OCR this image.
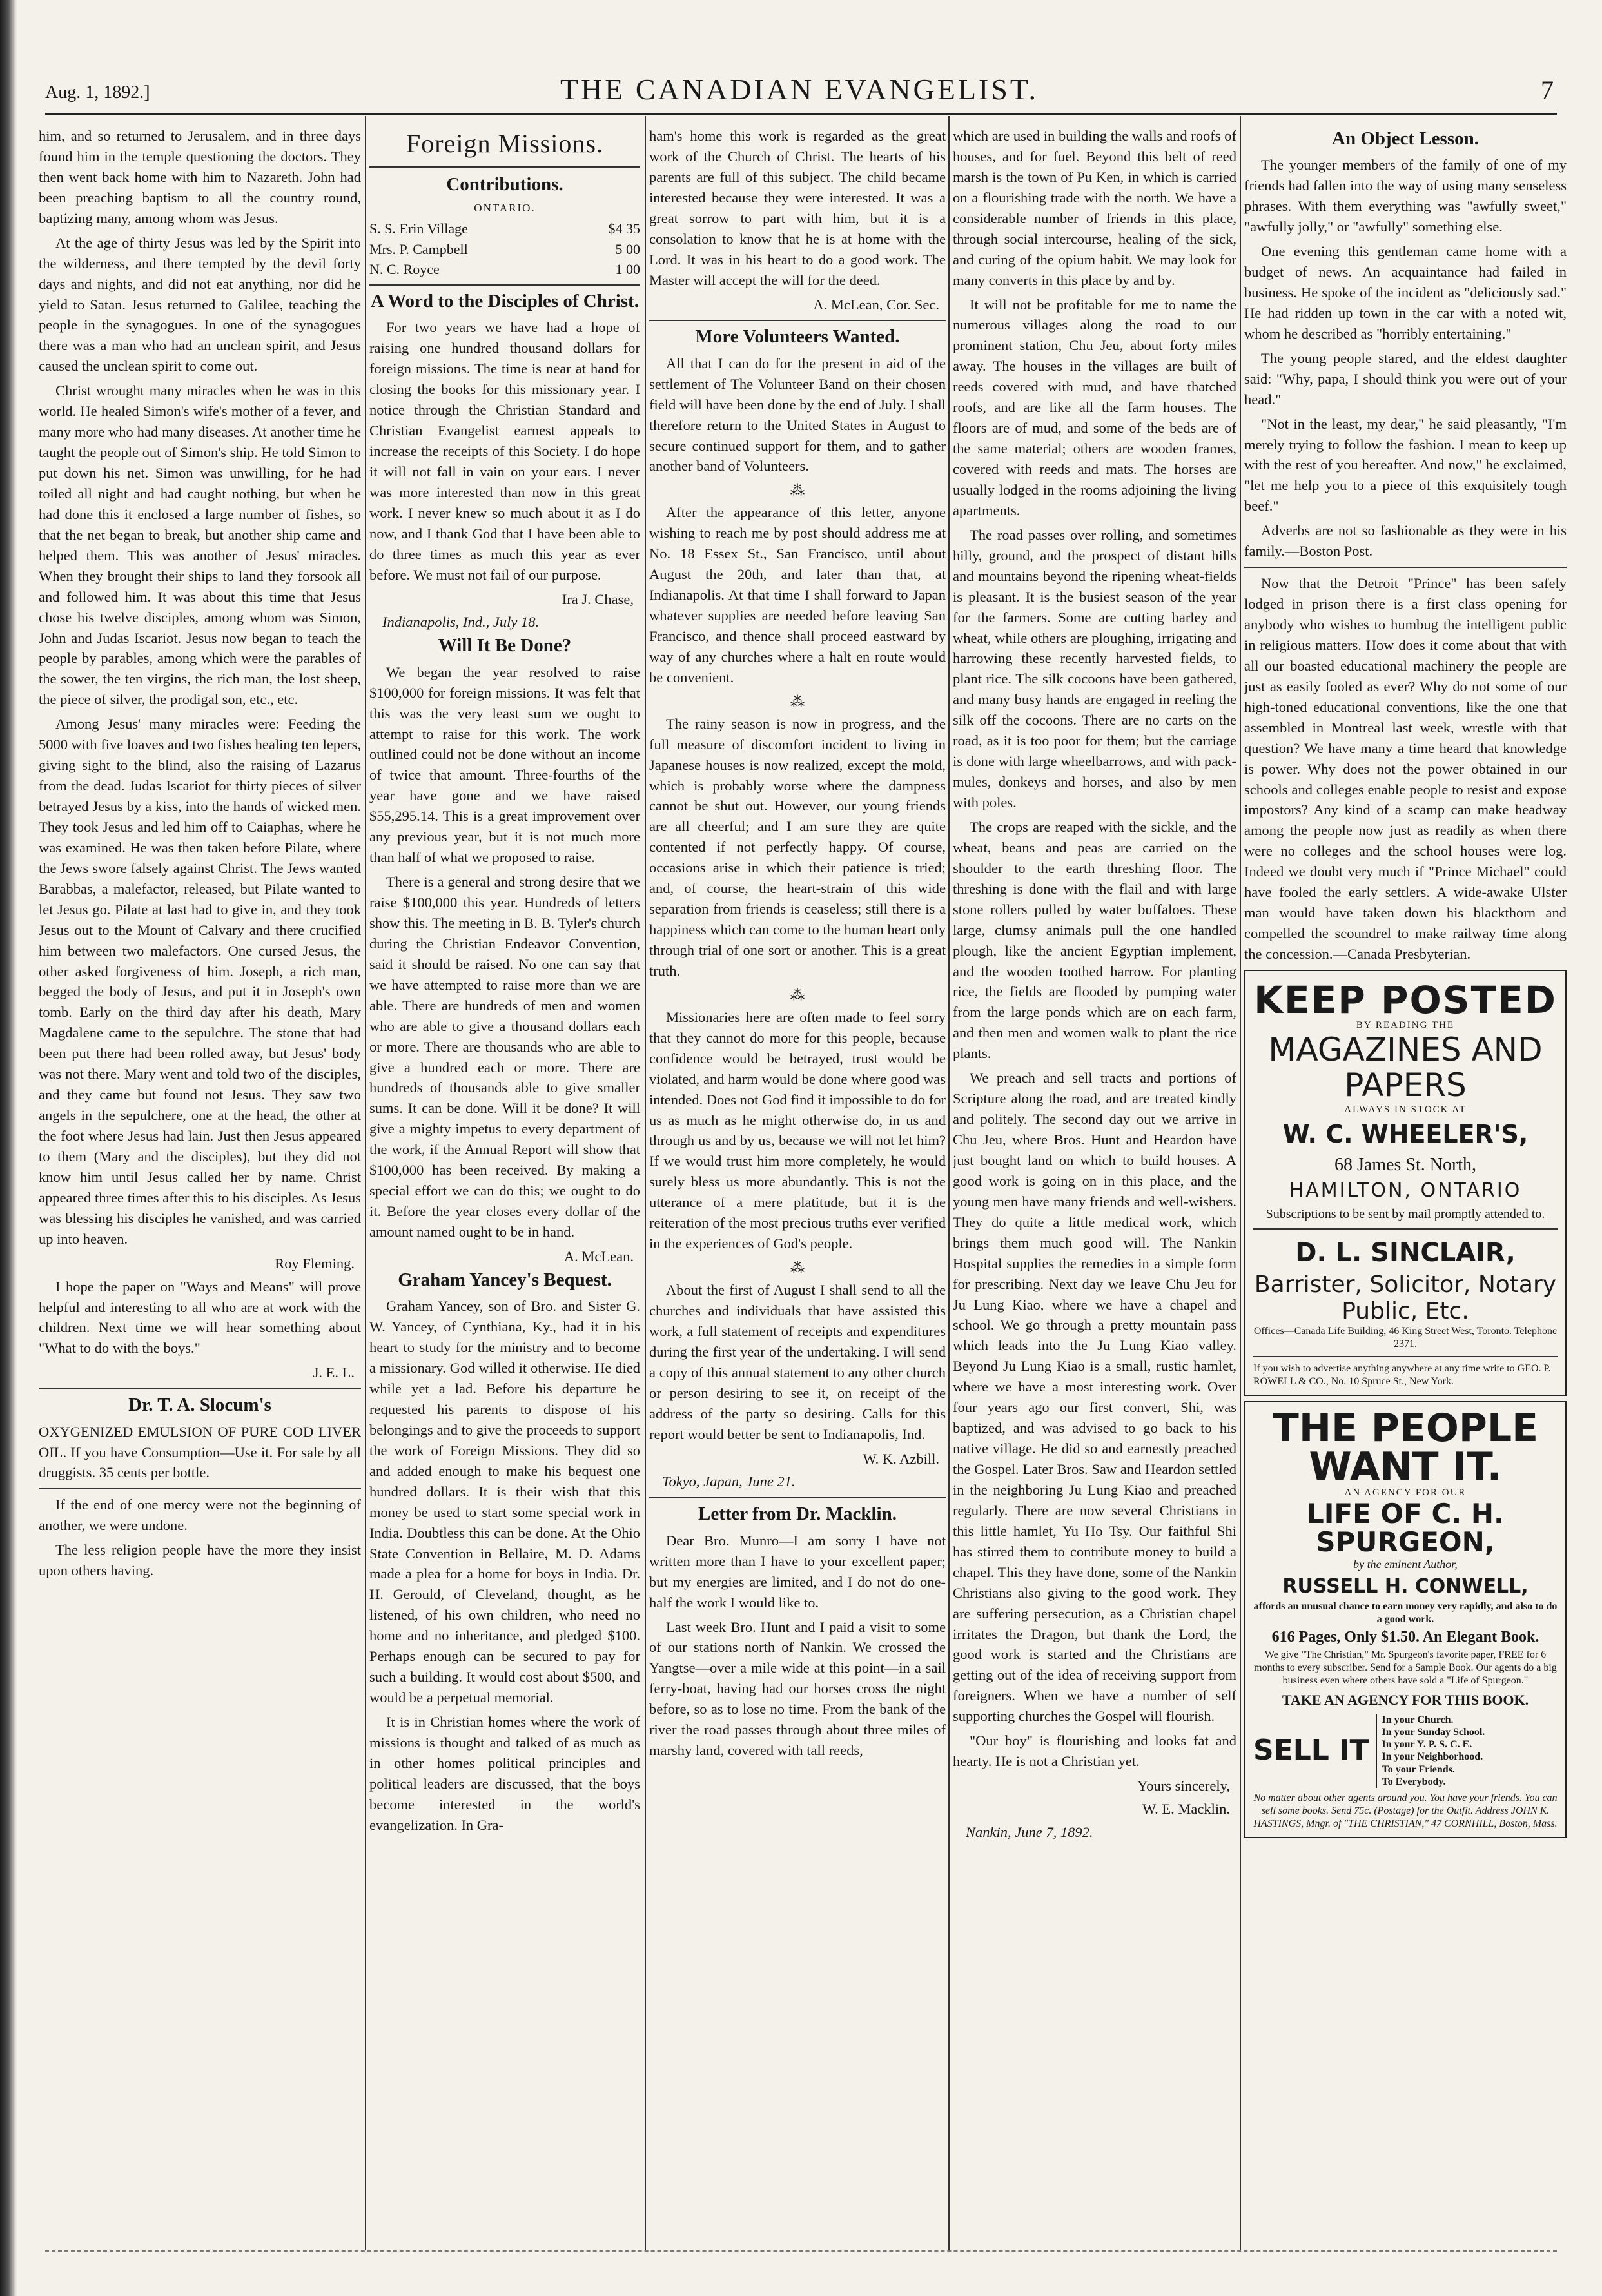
Aug. 1, 1892.]	THE CANADIAN EVANGELIST.	7

him, and so returned to Jerusalem, and in three days found him in the temple questioning the doctors. They then went back home with him to Nazareth. John had been preaching baptism to all the country round, baptizing many, among whom was Jesus.

At the age of thirty Jesus was led by the Spirit into the wilderness, and there tempted by the devil forty days and nights, and did not eat anything, nor did he yield to Satan. Jesus returned to Galilee, teaching the people in the synagogues. In one of the synagogues there was a man who had an unclean spirit, and Jesus caused the unclean spirit to come out.

Christ wrought many miracles when he was in this world. He healed Simon's wife's mother of a fever, and many more who had many diseases. At another time he taught the people out of Simon's ship. He told Simon to put down his net. Simon was unwilling, for he had toiled all night and had caught nothing, but when he had done this it enclosed a large number of fishes, so that the net began to break, but another ship came and helped them. This was another of Jesus' miracles. When they brought their ships to land they forsook all and followed him. It was about this time that Jesus chose his twelve disciples, among whom was Simon, John and Judas Iscariot. Jesus now began to teach the people by parables, among which were the parables of the sower, the ten virgins, the rich man, the lost sheep, the piece of silver, the prodigal son, etc., etc.

Among Jesus' many miracles were: Feeding the 5000 with five loaves and two fishes healing ten lepers, giving sight to the blind, also the raising of Lazarus from the dead. Judas Iscariot for thirty pieces of silver betrayed Jesus by a kiss, into the hands of wicked men. They took Jesus and led him off to Caiaphas, where he was examined. He was then taken before Pilate, where the Jews swore falsely against Christ. The Jews wanted Barabbas, a malefactor, released, but Pilate wanted to let Jesus go. Pilate at last had to give in, and they took Jesus out to the Mount of Calvary and there crucified him between two malefactors. One cursed Jesus, the other asked forgiveness of him. Joseph, a rich man, begged the body of Jesus, and put it in Joseph's own tomb. Early on the third day after his death, Mary Magdalene came to the sepulchre. The stone that had been put there had been rolled away, but Jesus' body was not there. Mary went and told two of the disciples, and they came but found not Jesus. They saw two angels in the sepulchere, one at the head, the other at the foot where Jesus had lain. Just then Jesus appeared to them (Mary and the disciples), but they did not know him until Jesus called her by name. Christ appeared three times after this to his disciples. As Jesus was blessing his disciples he vanished, and was carried up into heaven.

Roy Fleming.

I hope the paper on "Ways and Means" will prove helpful and interesting to all who are at work with the children. Next time we will hear something about "What to do with the boys."

J. E. L.
Dr. T. A. Slocum's

OXYGENIZED EMULSION OF PURE COD LIVER OIL. If you have Consumption—Use it. For sale by all druggists. 35 cents per bottle.

If the end of one mercy were not the beginning of another, we were undone.

The less religion people have the more they insist upon others having.

Foreign Missions.
Contributions.
ONTARIO.
S. S. Erin Village	$4 35
Mrs. P. Campbell	5 00
N. C. Royce	1 00
A Word to the Disciples of Christ.

For two years we have had a hope of raising one hundred thousand dollars for foreign missions. The time is near at hand for closing the books for this missionary year. I notice through the Christian Standard and Christian Evangelist earnest appeals to increase the receipts of this Society. I do hope it will not fall in vain on your ears. I never was more interested than now in this great work. I never knew so much about it as I do now, and I thank God that I have been able to do three times as much this year as ever before. We must not fail of our purpose.

Ira J. Chase,
Indianapolis, Ind., July 18.
Will It Be Done?

We began the year resolved to raise $100,000 for foreign missions. It was felt that this was the very least sum we ought to attempt to raise for this work. The work outlined could not be done without an income of twice that amount. Three-fourths of the year have gone and we have raised $55,295.14. This is a great improvement over any previous year, but it is not much more than half of what we proposed to raise.

There is a general and strong desire that we raise $100,000 this year. Hundreds of letters show this. The meeting in B. B. Tyler's church during the Christian Endeavor Convention, said it should be raised. No one can say that we have attempted to raise more than we are able. There are hundreds of men and women who are able to give a thousand dollars each or more. There are thousands who are able to give a hundred each or more. There are hundreds of thousands able to give smaller sums. It can be done. Will it be done? It will give a mighty impetus to every department of the work, if the Annual Report will show that $100,000 has been received. By making a special effort we can do this; we ought to do it. Before the year closes every dollar of the amount named ought to be in hand.

A. McLean.
Graham Yancey's Bequest.

Graham Yancey, son of Bro. and Sister G. W. Yancey, of Cynthiana, Ky., had it in his heart to study for the ministry and to become a missionary. God willed it otherwise. He died while yet a lad. Before his departure he requested his parents to dispose of his belongings and to give the proceeds to support the work of Foreign Missions. They did so and added enough to make his bequest one hundred dollars. It is their wish that this money be used to start some special work in India. Doubtless this can be done. At the Ohio State Convention in Bellaire, M. D. Adams made a plea for a home for boys in India. Dr. H. Gerould, of Cleveland, thought, as he listened, of his own children, who need no home and no inheritance, and pledged $100. Perhaps enough can be secured to pay for such a building. It would cost about $500, and would be a perpetual memorial.

It is in Christian homes where the work of missions is thought and talked of as much as in other homes political principles and political leaders are discussed, that the boys become interested in the world's evangelization. In Gra-

ham's home this work is regarded as the great work of the Church of Christ. The hearts of his parents are full of this subject. The child became interested because they were interested. It was a great sorrow to part with him, but it is a consolation to know that he is at home with the Lord. It was in his heart to do a good work. The Master will accept the will for the deed.

A. McLean, Cor. Sec.
More Volunteers Wanted.

All that I can do for the present in aid of the settlement of The Volunteer Band on their chosen field will have been done by the end of July. I shall therefore return to the United States in August to secure continued support for them, and to gather another band of Volunteers.

⁂

After the appearance of this letter, anyone wishing to reach me by post should address me at No. 18 Essex St., San Francisco, until about August the 20th, and later than that, at Indianapolis. At that time I shall forward to Japan whatever supplies are needed before leaving San Francisco, and thence shall proceed eastward by way of any churches where a halt en route would be convenient.

⁂

The rainy season is now in progress, and the full measure of discomfort incident to living in Japanese houses is now realized, except the mold, which is probably worse where the dampness cannot be shut out. However, our young friends are all cheerful; and I am sure they are quite contented if not perfectly happy. Of course, occasions arise in which their patience is tried; and, of course, the heart-strain of this wide separation from friends is ceaseless; still there is a happiness which can come to the human heart only through trial of one sort or another. This is a great truth.

⁂

Missionaries here are often made to feel sorry that they cannot do more for this people, because confidence would be betrayed, trust would be violated, and harm would be done where good was intended. Does not God find it impossible to do for us as much as he might otherwise do, in us and through us and by us, because we will not let him? If we would trust him more completely, he would surely bless us more abundantly. This is not the utterance of a mere platitude, but it is the reiteration of the most precious truths ever verified in the experiences of God's people.

⁂

About the first of August I shall send to all the churches and individuals that have assisted this work, a full statement of receipts and expenditures during the first year of the undertaking. I will send a copy of this annual statement to any other church or person desiring to see it, on receipt of the address of the party so desiring. Calls for this report would better be sent to Indianapolis, Ind.

W. K. Azbill.
Tokyo, Japan, June 21.
Letter from Dr. Macklin.

Dear Bro. Munro—I am sorry I have not written more than I have to your excellent paper; but my energies are limited, and I do not do one-half the work I would like to.

Last week Bro. Hunt and I paid a visit to some of our stations north of Nankin. We crossed the Yangtse—over a mile wide at this point—in a sail ferry-boat, having had our horses cross the night before, so as to lose no time. From the bank of the river the road passes through about three miles of marshy land, covered with tall reeds,

which are used in building the walls and roofs of houses, and for fuel. Beyond this belt of reed marsh is the town of Pu Ken, in which is carried on a flourishing trade with the north. We have a considerable number of friends in this place, through social intercourse, healing of the sick, and curing of the opium habit. We may look for many converts in this place by and by.

It will not be profitable for me to name the numerous villages along the road to our prominent station, Chu Jeu, about forty miles away. The houses in the villages are built of reeds covered with mud, and have thatched roofs, and are like all the farm houses. The floors are of mud, and some of the beds are of the same material; others are wooden frames, covered with reeds and mats. The horses are usually lodged in the rooms adjoining the living apartments.

The road passes over rolling, and sometimes hilly, ground, and the prospect of distant hills and mountains beyond the ripening wheat-fields is pleasant. It is the busiest season of the year for the farmers. Some are cutting barley and wheat, while others are ploughing, irrigating and harrowing these recently harvested fields, to plant rice. The silk cocoons have been gathered, and many busy hands are engaged in reeling the silk off the cocoons. There are no carts on the road, as it is too poor for them; but the carriage is done with large wheelbarrows, and with pack-mules, donkeys and horses, and also by men with poles.

The crops are reaped with the sickle, and the wheat, beans and peas are carried on the shoulder to the earth threshing floor. The threshing is done with the flail and with large stone rollers pulled by water buffaloes. These large, clumsy animals pull the one handled plough, like the ancient Egyptian implement, and the wooden toothed harrow. For planting rice, the fields are flooded by pumping water from the large ponds which are on each farm, and then men and women walk to plant the rice plants.

We preach and sell tracts and portions of Scripture along the road, and are treated kindly and politely. The second day out we arrive in Chu Jeu, where Bros. Hunt and Heardon have just bought land on which to build houses. A good work is going on in this place, and the young men have many friends and well-wishers. They do quite a little medical work, which brings them much good will. The Nankin Hospital supplies the remedies in a simple form for prescribing. Next day we leave Chu Jeu for Ju Lung Kiao, where we have a chapel and school. We go through a pretty mountain pass which leads into the Ju Lung Kiao valley. Beyond Ju Lung Kiao is a small, rustic hamlet, where we have a most interesting work. Over four years ago our first convert, Shi, was baptized, and was advised to go back to his native village. He did so and earnestly preached the Gospel. Later Bros. Saw and Heardon settled in the neighboring Ju Lung Kiao and preached regularly. There are now several Christians in this little hamlet, Yu Ho Tsy. Our faithful Shi has stirred them to contribute money to build a chapel. This they have done, some of the Nankin Christians also giving to the good work. They are suffering persecution, as a Christian chapel irritates the Dragon, but thank the Lord, the good work is started and the Christians are getting out of the idea of receiving support from foreigners. When we have a number of self supporting churches the Gospel will flourish.

"Our boy" is flourishing and looks fat and hearty. He is not a Christian yet.

Yours sincerely,
W. E. Macklin.
Nankin, June 7, 1892.
An Object Lesson.

The younger members of the family of one of my friends had fallen into the way of using many senseless phrases. With them everything was "awfully sweet," "awfully jolly," or "awfully" something else.

One evening this gentleman came home with a budget of news. An acquaintance had failed in business. He spoke of the incident as "deliciously sad." He had ridden up town in the car with a noted wit, whom he described as "horribly entertaining."

The young people stared, and the eldest daughter said: "Why, papa, I should think you were out of your head."

"Not in the least, my dear," he said pleasantly, "I'm merely trying to follow the fashion. I mean to keep up with the rest of you hereafter. And now," he exclaimed, "let me help you to a piece of this exquisitely tough beef."

Adverbs are not so fashionable as they were in his family.—Boston Post.

Now that the Detroit "Prince" has been safely lodged in prison there is a first class opening for anybody who wishes to humbug the intelligent public in religious matters. How does it come about that with all our boasted educational machinery the people are just as easily fooled as ever? Why do not some of our high-toned educational conventions, like the one that assembled in Montreal last week, wrestle with that question? We have many a time heard that knowledge is power. Why does not the power obtained in our schools and colleges enable people to resist and expose impostors? Any kind of a scamp can make headway among the people now just as readily as when there were no colleges and the school houses were log. Indeed we doubt very much if "Prince Michael" could have fooled the early settlers. A wide-awake Ulster man would have taken down his blackthorn and compelled the scoundrel to make railway time along the concession.—Canada Presbyterian.

KEEP POSTED
BY READING THE
MAGAZINES AND PAPERS
ALWAYS IN STOCK AT
W. C. WHEELER'S,
68 James St. North,
HAMILTON, ONTARIO
Subscriptions to be sent by mail promptly attended to.
D. L. SINCLAIR,
Barrister, Solicitor, Notary Public, Etc.
Offices—Canada Life Building, 46 King Street West, Toronto. Telephone 2371.
If you wish to advertise anything anywhere at any time write to GEO. P. ROWELL & CO., No. 10 Spruce St., New York.
THE PEOPLE WANT IT.
AN AGENCY FOR OUR
LIFE OF C. H. SPURGEON,
by the eminent Author,
RUSSELL H. CONWELL,
affords an unusual chance to earn money very rapidly, and also to do a good work.
616 Pages, Only $1.50. An Elegant Book.
We give "The Christian," Mr. Spurgeon's favorite paper, FREE for 6 months to every subscriber. Send for a Sample Book. Our agents do a big business even where others have sold a "Life of Spurgeon."
TAKE AN AGENCY FOR THIS BOOK.
SELL IT
In your Church.
In your Sunday School.
In your Y. P. S. C. E.
In your Neighborhood.
To your Friends.
To Everybody.
No matter about other agents around you. You have your friends. You can sell some books. Send 75c. (Postage) for the Outfit. Address JOHN K. HASTINGS, Mngr. of "THE CHRISTIAN," 47 CORNHILL, Boston, Mass.
